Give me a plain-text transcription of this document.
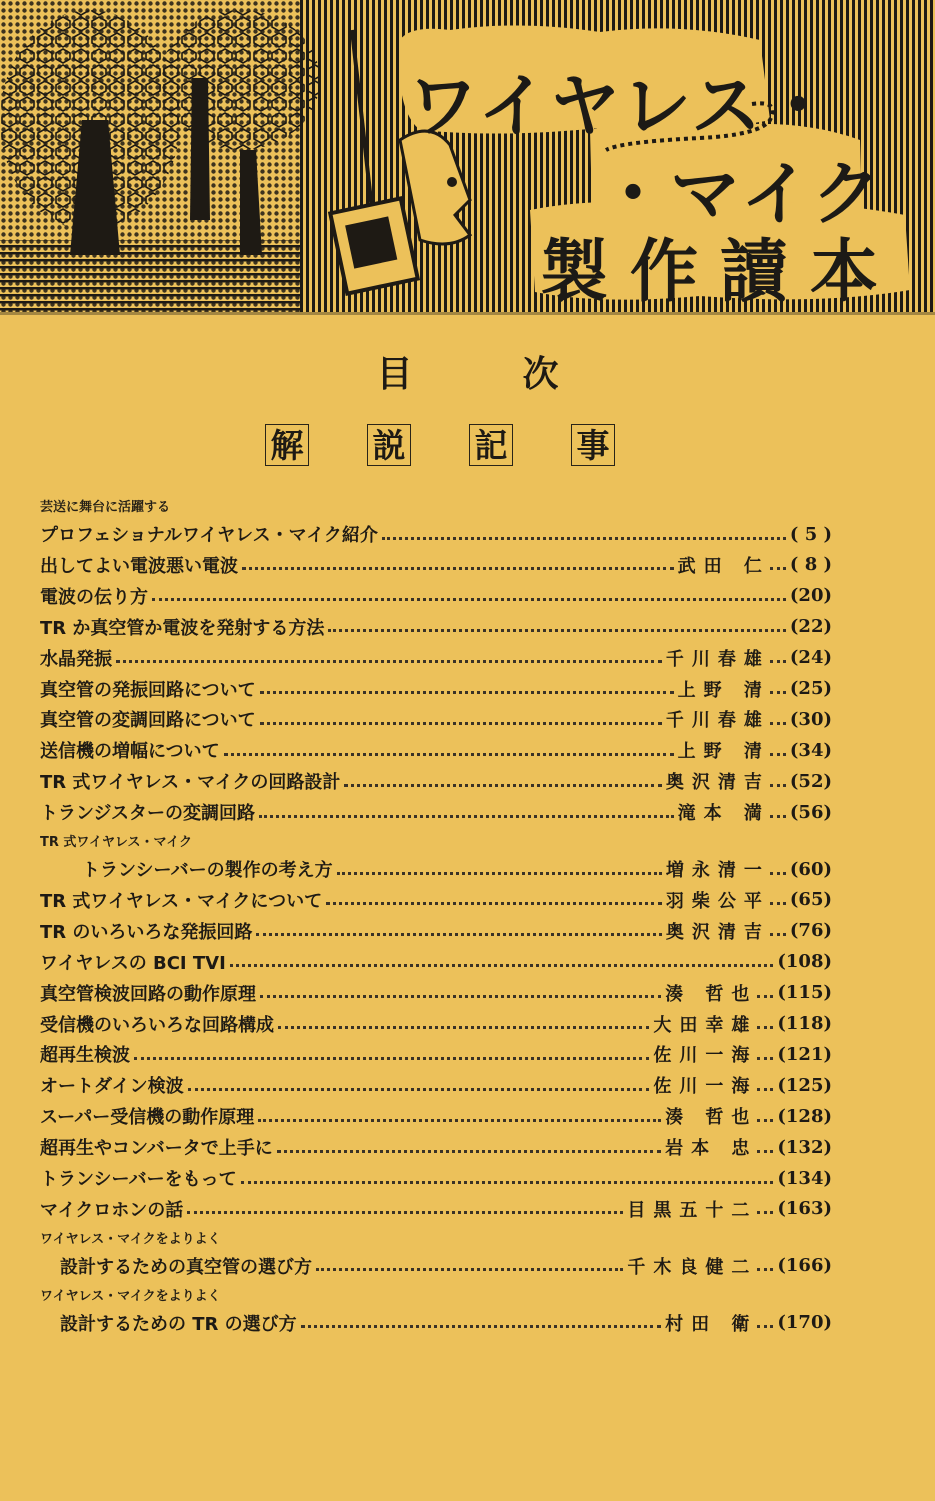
ワイヤレス・
・マイク
製作讀本
目次
解 説 記 事
芸送に舞台に活躍する
プロフェショナルワイヤレス・マイク紹介	( 5 )
出してよい電波悪い電波	武田 仁 ( 8 )
電波の伝り方	(20)
TR か真空管か電波を発射する方法	(22)
水晶発振	千川春雄 (24)
真空管の発振回路について	上野 清 (25)
真空管の変調回路について	千川春雄 (30)
送信機の増幅について	上野 清 (34)
TR 式ワイヤレス・マイクの回路設計	奥沢清吉 (52)
トランジスターの変調回路	滝本 満 (56)
TR 式ワイヤレス・マイク
トランシーバーの製作の考え方	増永清一 (60)
TR 式ワイヤレス・マイクについて	羽柴公平 (65)
TR のいろいろな発振回路	奥沢清吉 (76)
ワイヤレスの BCI TVI	(108)
真空管検波回路の動作原理	湊 哲也 (115)
受信機のいろいろな回路構成	大田幸雄 (118)
超再生検波	佐川一海 (121)
オートダイン検波	佐川一海 (125)
スーパー受信機の動作原理	湊 哲也 (128)
超再生やコンバータで上手に	岩本 忠 (132)
トランシーバーをもって	(134)
マイクロホンの話	目黒五十二 (163)
ワイヤレス・マイクをよりよく
設計するための真空管の選び方	千木良健二 (166)
ワイヤレス・マイクをよりよく
設計するための TR の選び方	村田 衛 (170)
